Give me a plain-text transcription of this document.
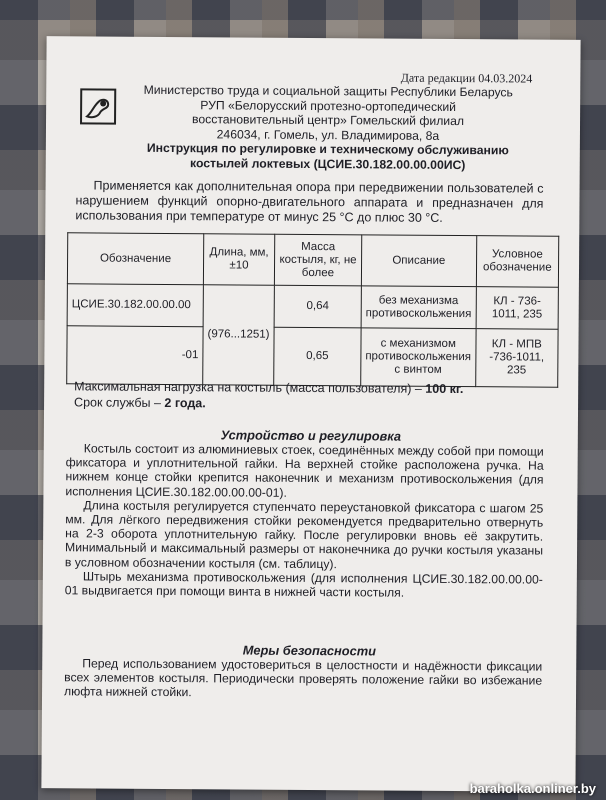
Дата редакции 04.03.2024
Министерство труда и социальной защиты Республики Беларусь
РУП «Белорусский протезно-ортопедический
восстановительный центр» Гомельский филиал
246034, г. Гомель, ул. Владимирова, 8а
Инструкция по регулировке и техническому обслуживанию
костылей локтевых (ЦСИЕ.30.182.00.00.00ИС)
Применяется как дополнительная опора при передвижении пользователей с нарушением функций опорно-двигательного аппарата и предназначен для использования при температуре от минус 25 °С до плюс 30 °С.
Обозначение	Длина, мм, ±10	Масса костыля, кг, не более	Описание	Условное обозначение
ЦСИЕ.30.182.00.00.00	(976...1251)	0,64	без механизма противоскольжения	КЛ - 736-1011, 235
-01		0,65	с механизмом противоскольжения с винтом	КЛ - МПВ -736-1011, 235
Максимальная нагрузка на костыль (масса пользователя) – 100 кг.
Срок службы – 2 года.
Устройство и регулировка

Костыль состоит из алюминиевых стоек, соединённых между собой при помощи фиксатора и уплотнительной гайки. На верхней стойке расположена ручка. На нижнем конце стойки крепится наконечник и механизм противоскольжения (для исполнения ЦСИЕ.30.182.00.00.00-01).

Длина костыля регулируется ступенчато переустановкой фиксатора с шагом 25 мм. Для лёгкого передвижения стойки рекомендуется предварительно отвернуть на 2-3 оборота уплотнительную гайку. После регулировки вновь её закрутить. Минимальный и максимальный размеры от наконечника до ручки костыля указаны в условном обозначении костыля (см. таблицу).

Штырь механизма противоскольжения (для исполнения ЦСИЕ.30.182.00.00.00-01 выдвигается при помощи винта в нижней части костыля.

Меры безопасности

Перед использованием удостовериться в целостности и надёжности фиксации всех элементов костыля. Периодически проверять положение гайки во избежание люфта нижней стойки.

baraholka.onliner.by
